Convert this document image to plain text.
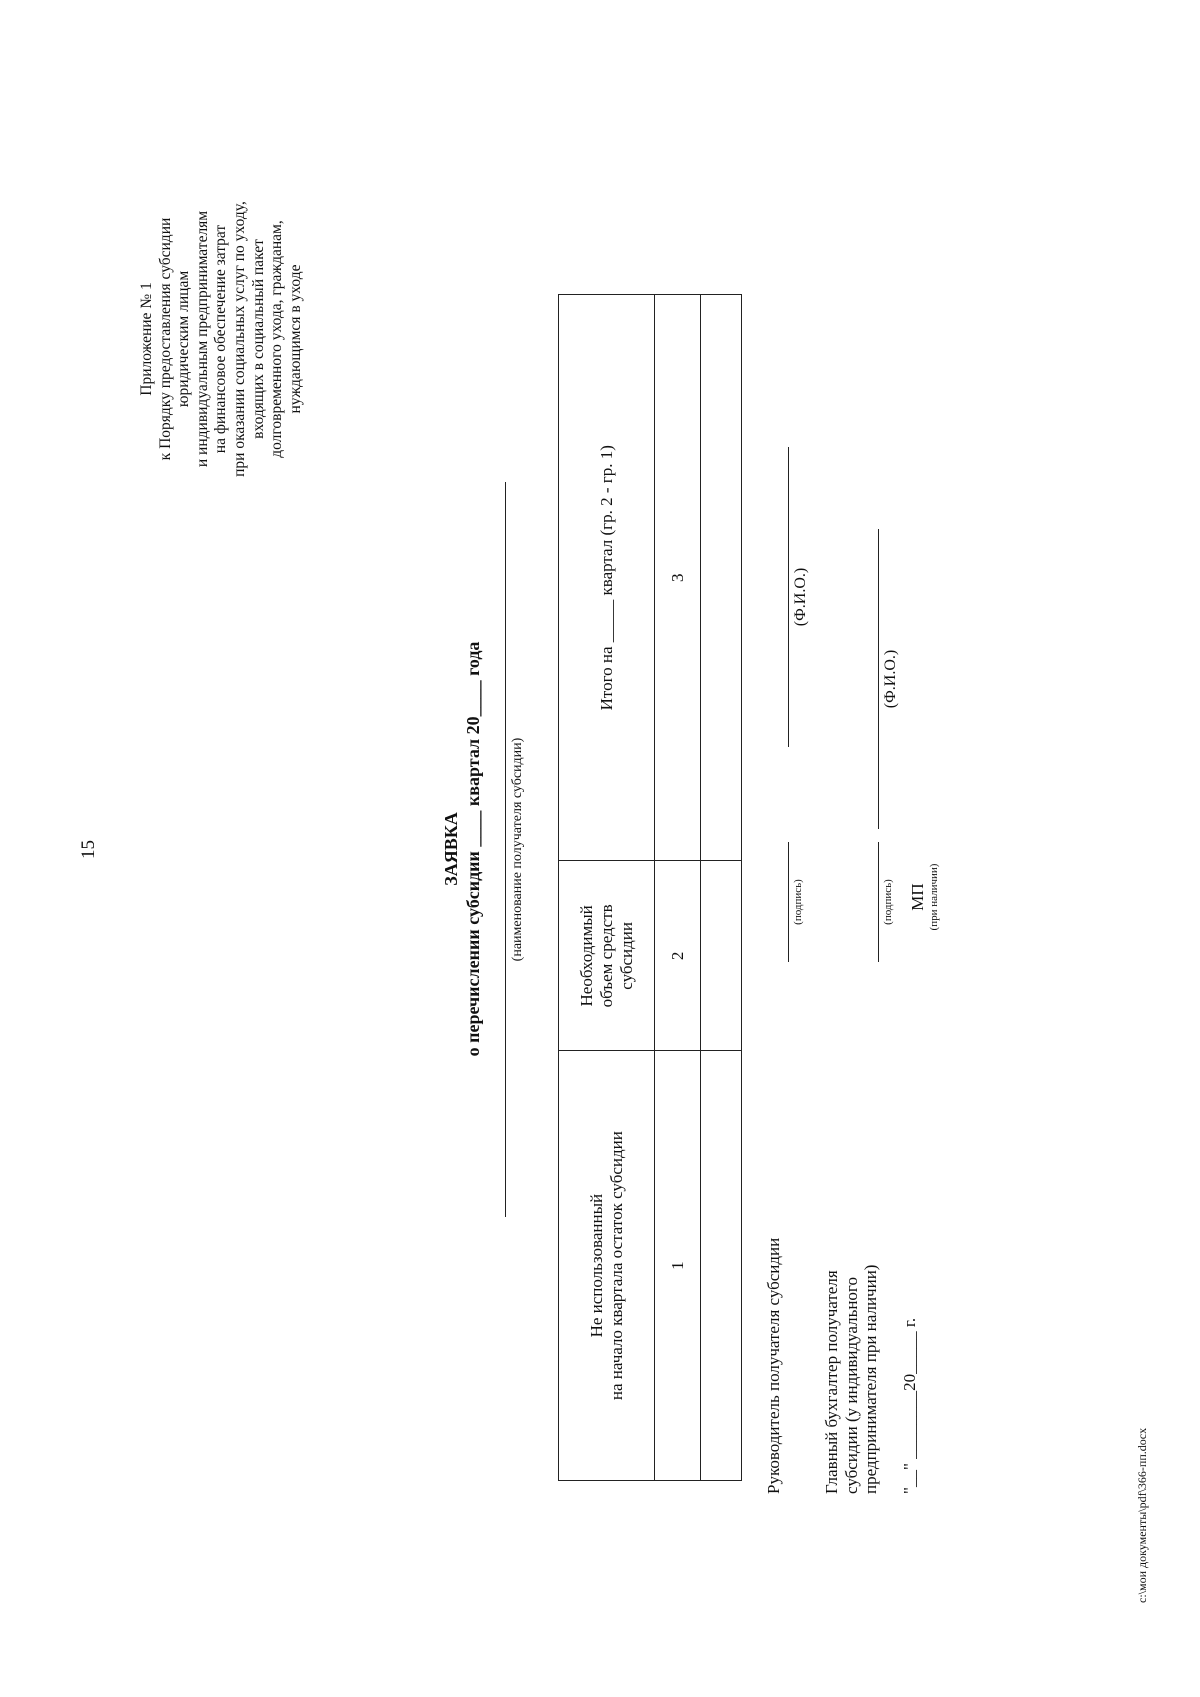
15
Приложение № 1 к Порядку предоставления субсидии юридическим лицам и индивидуальным предпринимателям на финансовое обеспечение затрат при оказании социальных услуг по уходу, входящих в социальный пакет долговременного ухода, гражданам, нуждающимся в уходе
ЗАЯВКА о перечислении субсидии ____ квартал 20____ года (наименование получателя субсидии)
Не использованный
на начало квартала остаток субсидии	Необходимый
объем средств
субсидии	Итого на _____ квартал (гр. 2 - гр. 1)
1	2	3

Руководитель получателя субсидии
(подпись)
(Ф.И.О.)
Главный бухгалтер получателя субсидии (у индивидуального предпринимателя при наличии)
(подпись)
(Ф.И.О.)
"__" ________20_____ г.
МП (при наличии)
c:\мои документы\pdf\366-пп.docx
